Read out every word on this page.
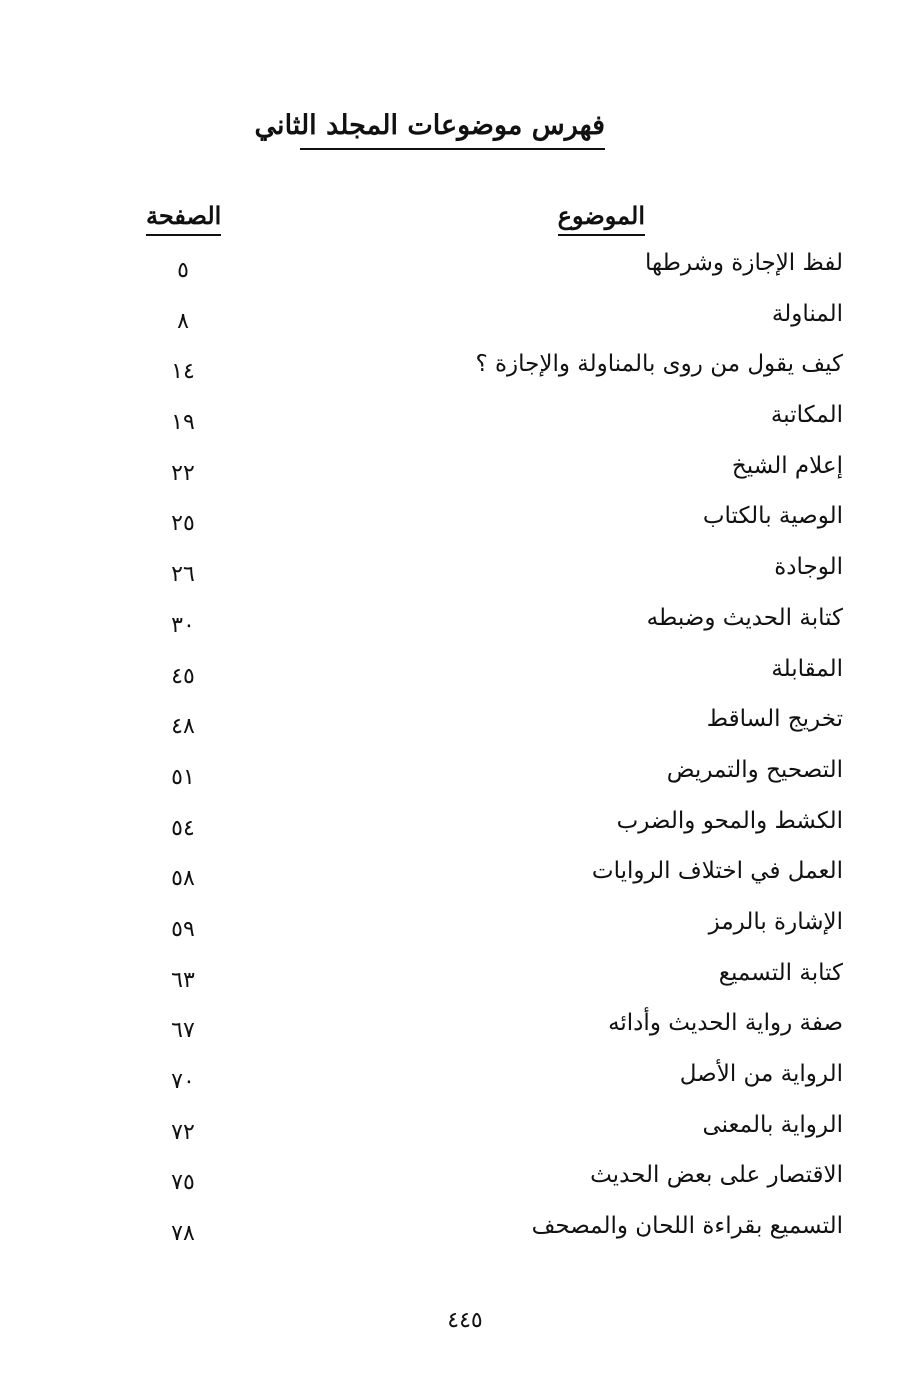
فهرس موضوعات المجلد الثاني
الموضوع
الصفحة
لفظ الإجازة وشرطها
٥
المناولة
٨
كيف يقول من روى بالمناولة والإجازة ؟
١٤
المكاتبة
١٩
إعلام الشيخ
٢٢
الوصية بالكتاب
٢٥
الوجادة
٢٦
كتابة الحديث وضبطه
٣٠
المقابلة
٤٥
تخريج الساقط
٤٨
التصحيح والتمريض
٥١
الكشط والمحو والضرب
٥٤
العمل في اختلاف الروايات
٥٨
الإشارة بالرمز
٥٩
كتابة التسميع
٦٣
صفة رواية الحديث وأدائه
٦٧
الرواية من الأصل
٧٠
الرواية بالمعنى
٧٢
الاقتصار على بعض الحديث
٧٥
التسميع بقراءة اللحان والمصحف
٧٨
٤٤٥
